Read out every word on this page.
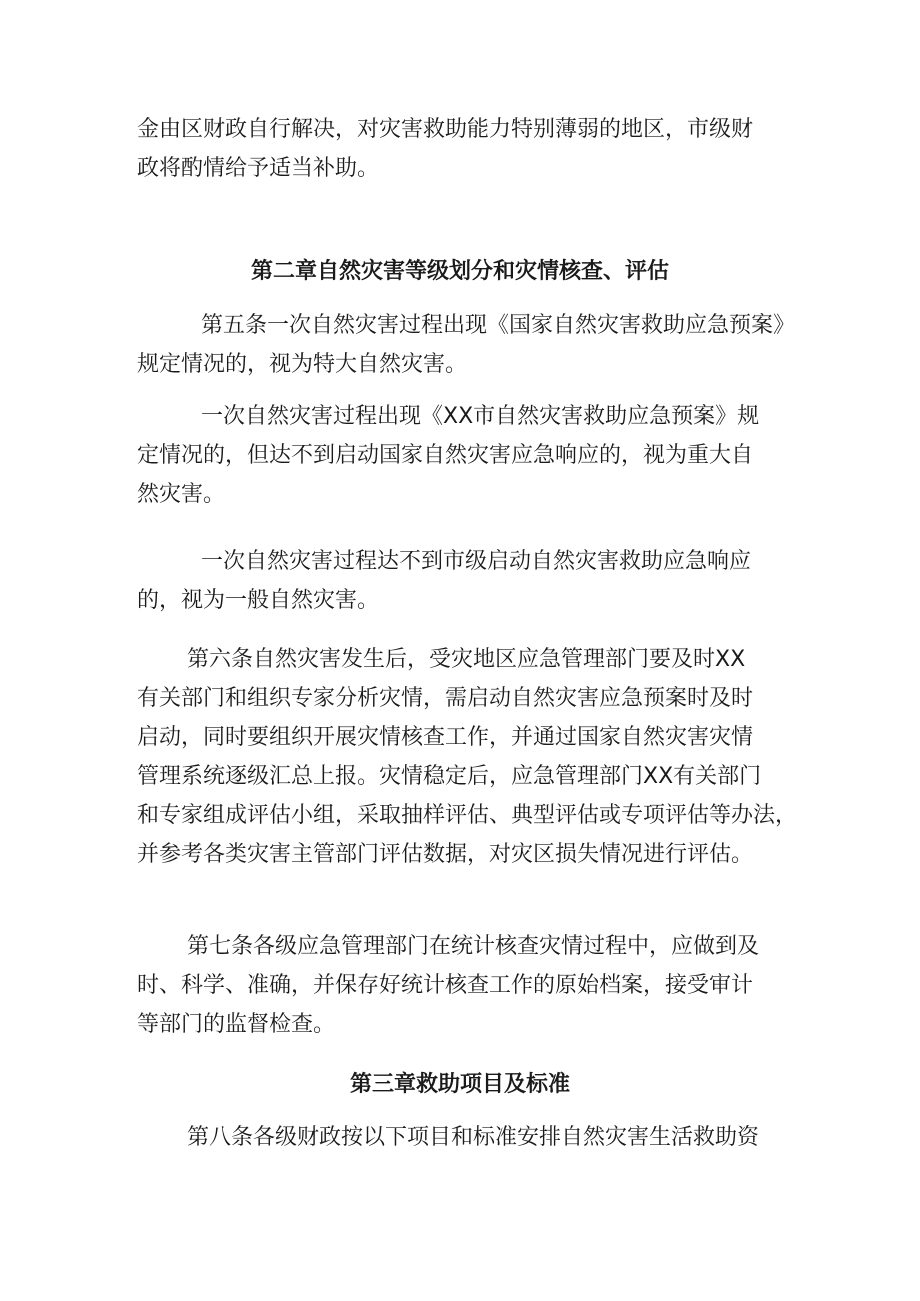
金由区财政自行解决，对灾害救助能力特别薄弱的地区，市级财
政将酌情给予适当补助。
第二章自然灾害等级划分和灾情核查、评估
第五条一次自然灾害过程出现《国家自然灾害救助应急预案》
规定情况的，视为特大自然灾害。
一次自然灾害过程出现《XX市自然灾害救助应急预案》规
定情况的，但达不到启动国家自然灾害应急响应的，视为重大自
然灾害。
一次自然灾害过程达不到市级启动自然灾害救助应急响应
的，视为一般自然灾害。
第六条自然灾害发生后，受灾地区应急管理部门要及时XX
有关部门和组织专家分析灾情，需启动自然灾害应急预案时及时
启动，同时要组织开展灾情核查工作，并通过国家自然灾害灾情
管理系统逐级汇总上报。灾情稳定后，应急管理部门XX有关部门
和专家组成评估小组，采取抽样评估、典型评估或专项评估等办法，
并参考各类灾害主管部门评估数据，对灾区损失情况进行评估。
第七条各级应急管理部门在统计核查灾情过程中，应做到及
时、科学、准确，并保存好统计核查工作的原始档案，接受审计
等部门的监督检查。
第三章救助项目及标准
第八条各级财政按以下项目和标准安排自然灾害生活救助资
